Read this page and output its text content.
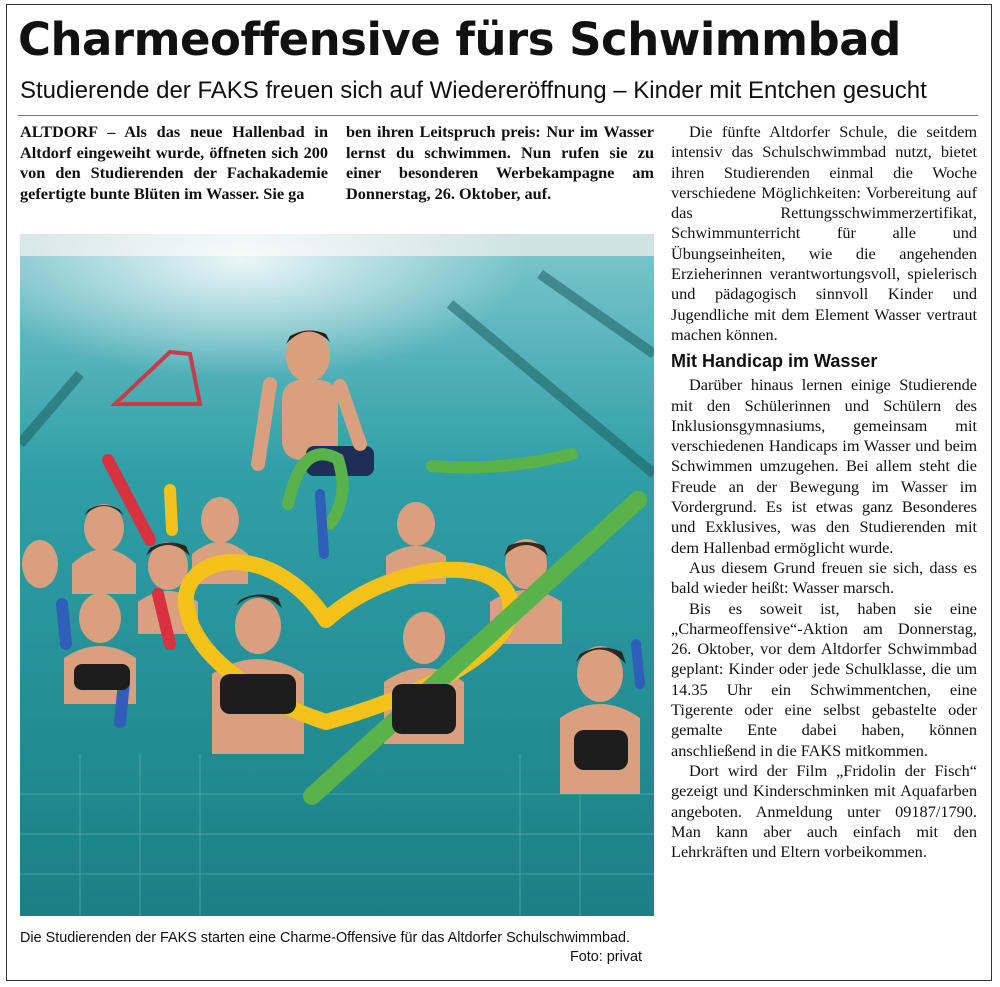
Charmeoffensive fürs Schwimmbad
Studierende der FAKS freuen sich auf Wiedereröffnung – Kinder mit Entchen gesucht

ALTDORF – Als das neue Hallenbad in Altdorf eingeweiht wurde, öffneten sich 200 von den Studierenden der Fachakademie gefertigte bunte Blüten im Wasser. Sie ga

ben ihren Leitspruch preis: Nur im Wasser lernst du schwimmen. Nun rufen sie zu einer besonderen Werbekampagne am Donnerstag, 26. Oktober, auf.

Die Studierenden der FAKS starten eine Charme-Offensive für das Altdorfer Schulschwimmbad.
Foto: privat

Die fünfte Altdorfer Schule, die seitdem intensiv das Schulschwimmbad nutzt, bietet ihren Studierenden einmal die Woche verschiedene Möglichkeiten: Vorbereitung auf das Rettungsschwimmerzertifikat, Schwimmunterricht für alle und Übungseinheiten, wie die angehenden Erzieherinnen verantwortungsvoll, spielerisch und pädagogisch sinnvoll Kinder und Jugendliche mit dem Element Wasser vertraut machen können.

Mit Handicap im Wasser

Darüber hinaus lernen einige Studierende mit den Schülerinnen und Schülern des Inklusionsgymnasiums, gemeinsam mit verschiedenen Handicaps im Wasser und beim Schwimmen umzugehen. Bei allem steht die Freude an der Bewegung im Wasser im Vordergrund. Es ist etwas ganz Besonderes und Exklusives, was den Studierenden mit dem Hallenbad ermöglicht wurde.

Aus diesem Grund freuen sie sich, dass es bald wieder heißt: Wasser marsch.

Bis es soweit ist, haben sie eine „Charmeoffensive“-Aktion am Donnerstag, 26. Oktober, vor dem Altdorfer Schwimmbad geplant: Kinder oder jede Schulklasse, die um 14.35 Uhr ein Schwimmentchen, eine Tigerente oder eine selbst gebastelte oder gemalte Ente dabei haben, können anschließend in die FAKS mitkommen.

Dort wird der Film „Fridolin der Fisch“ gezeigt und Kinderschminken mit Aquafarben angeboten. Anmeldung unter 09187/1790. Man kann aber auch einfach mit den Lehrkräften und Eltern vorbeikommen.
